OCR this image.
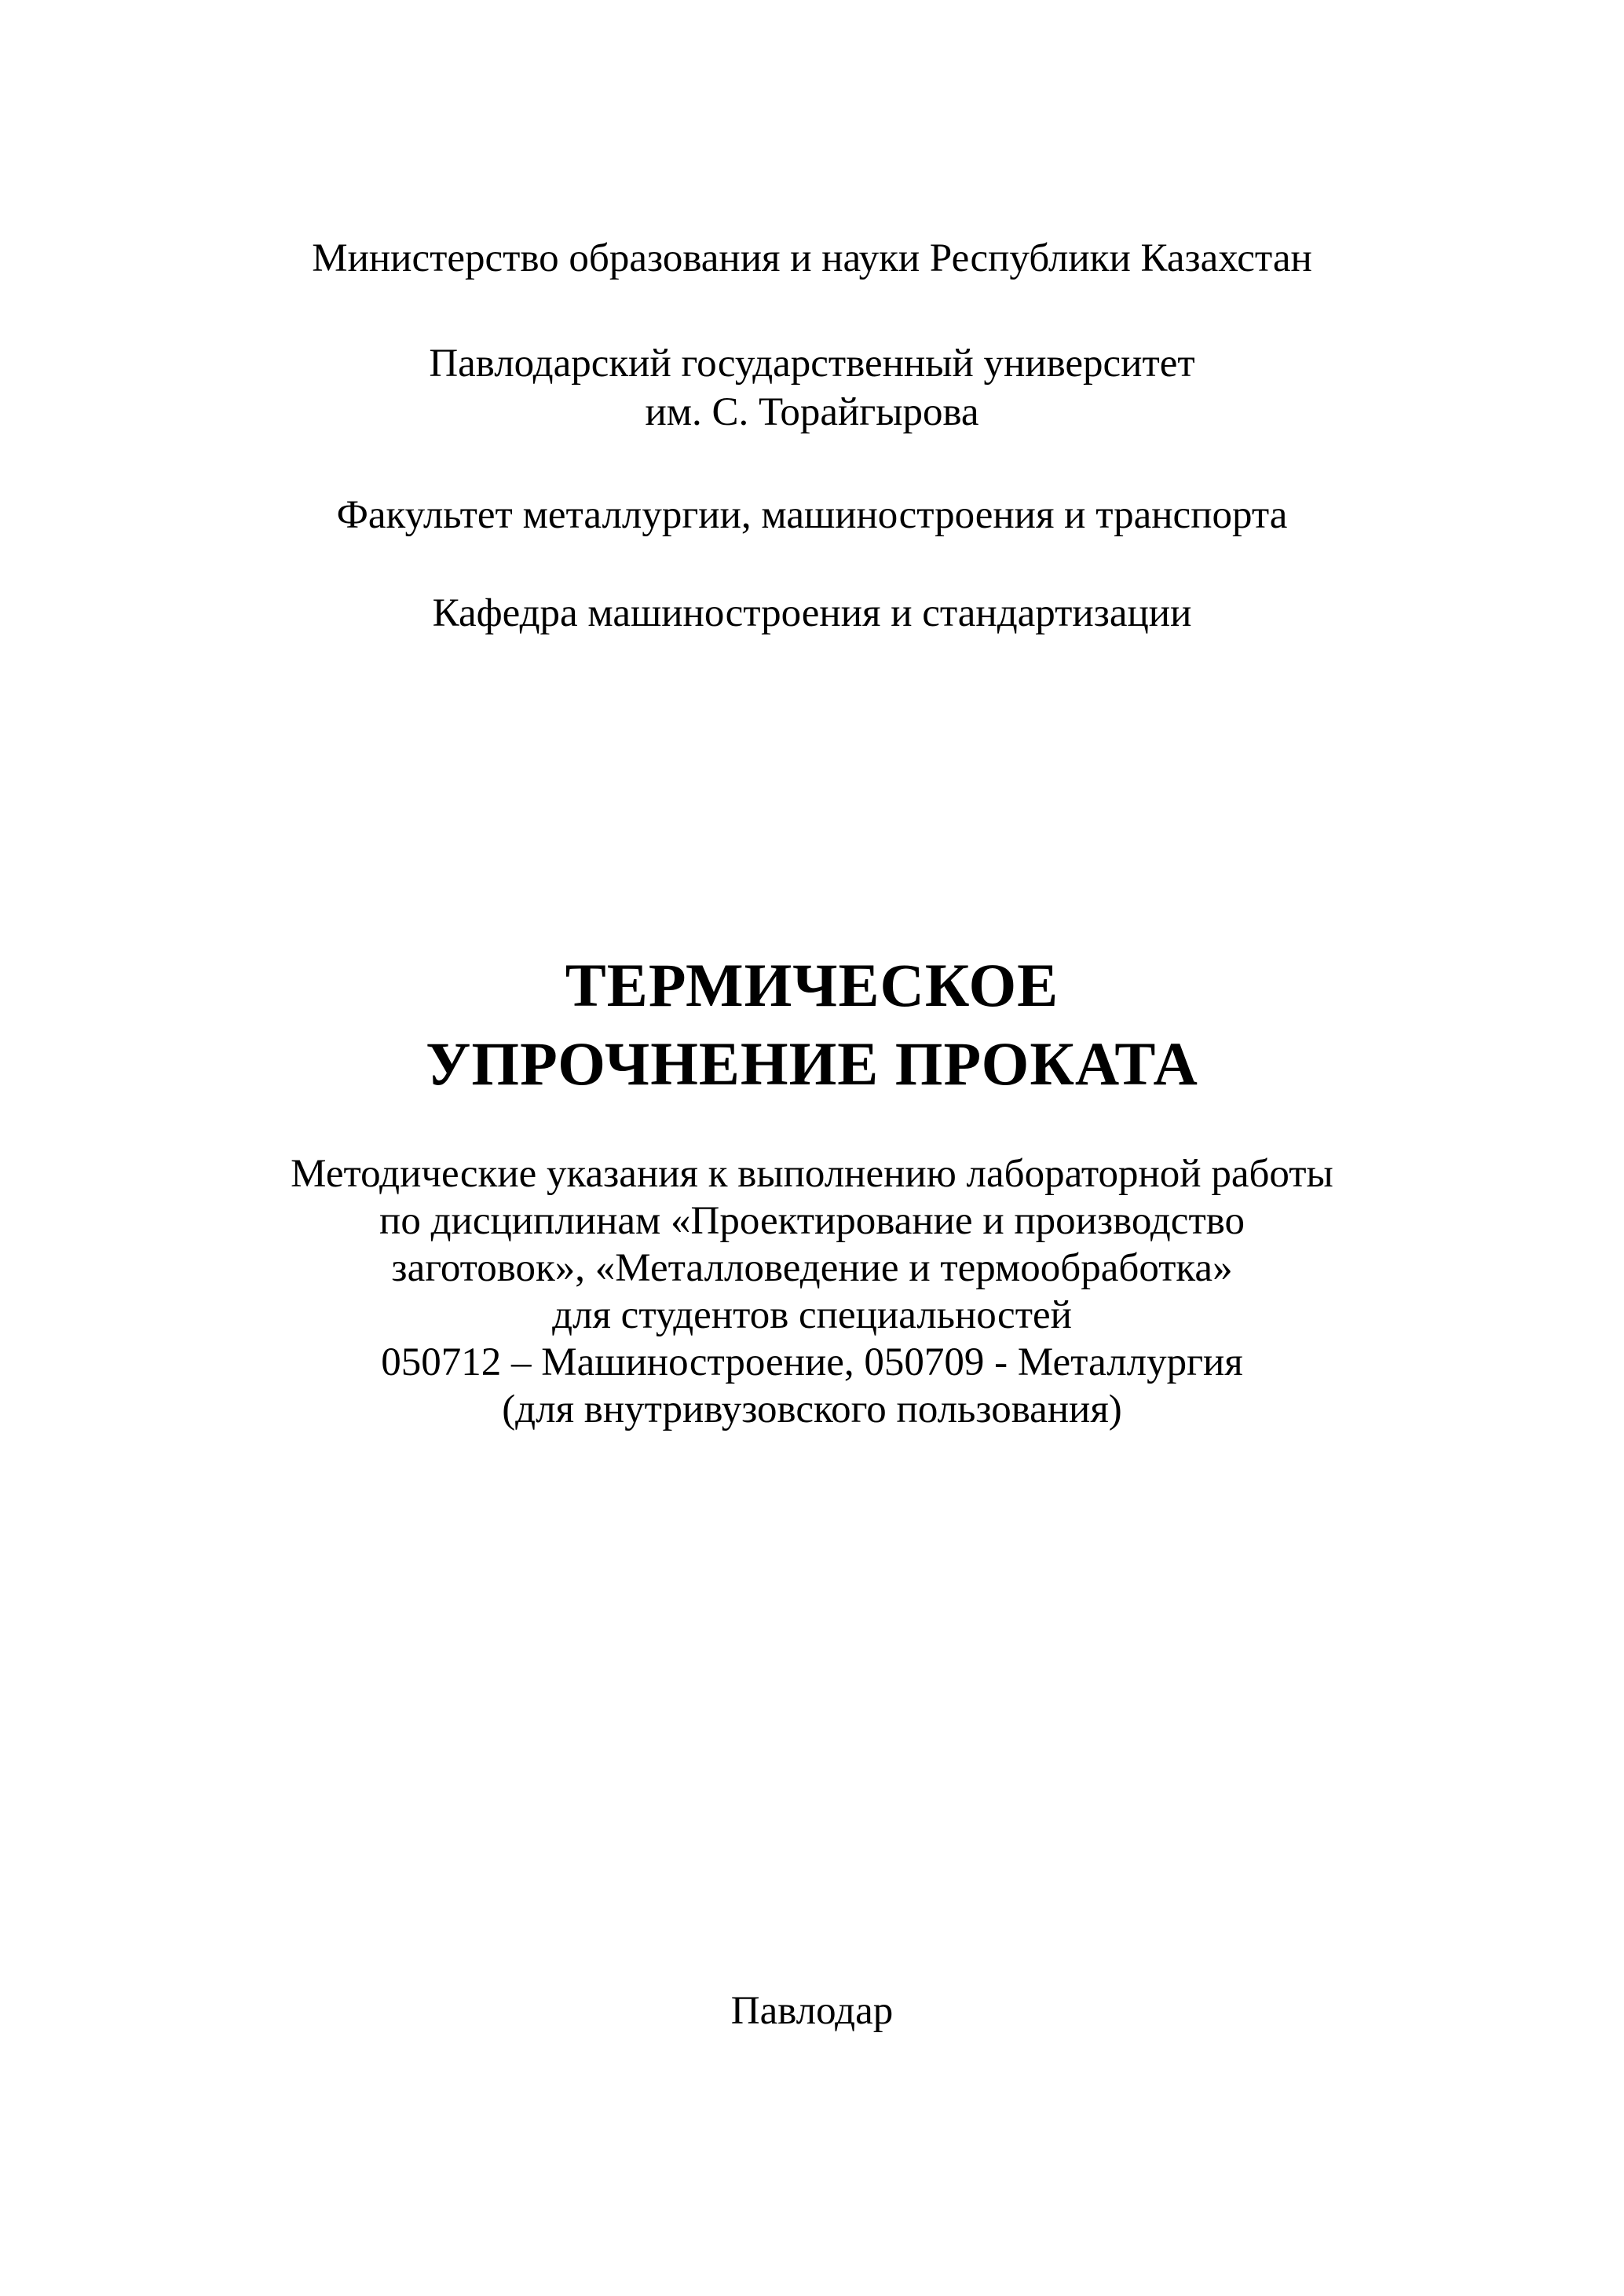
Министерство образования и науки Республики Казахстан
Павлодарский государственный университет
им. С. Торайгырова
Факультет металлургии, машиностроения и транспорта
Кафедра машиностроения и стандартизации
ТЕРМИЧЕСКОЕ
УПРОЧНЕНИЕ ПРОКАТА
Методические указания к выполнению лабораторной работы
по дисциплинам «Проектирование и производство
заготовок», «Металловедение и термообработка»
для студентов специальностей
050712 – Машиностроение, 050709 - Металлургия
(для внутривузовского пользования)
Павлодар
